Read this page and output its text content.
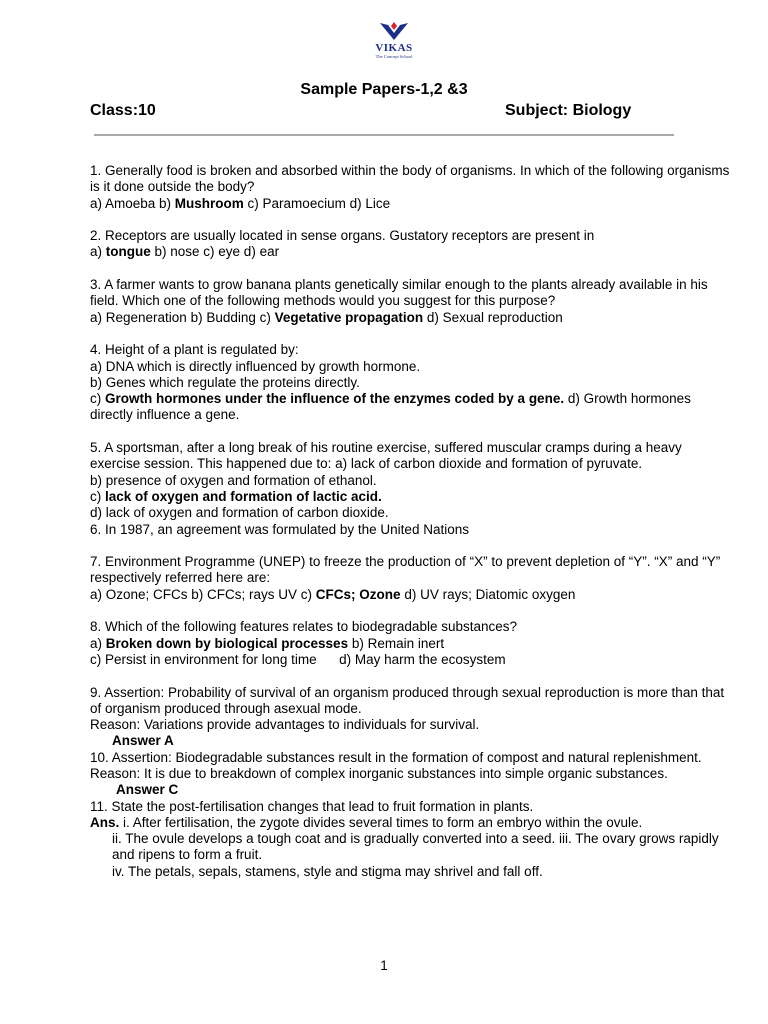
VIKAS
The Concept School
Sample Papers-1,2 &3
Class:10	Subject: Biology

1. Generally food is broken and absorbed within the body of organisms. In which of the following organisms is it done outside the body?

a) Amoeba b) Mushroom c) Paramoecium d) Lice

2. Receptors are usually located in sense organs. Gustatory receptors are present in

a) tongue b) nose c) eye d) ear

3. A farmer wants to grow banana plants genetically similar enough to the plants already available in his field. Which one of the following methods would you suggest for this purpose?

a) Regeneration b) Budding c) Vegetative propagation d) Sexual reproduction

4. Height of a plant is regulated by:

a) DNA which is directly influenced by growth hormone.

b) Genes which regulate the proteins directly.

c) Growth hormones under the influence of the enzymes coded by a gene. d) Growth hormones directly influence a gene.

5. A sportsman, after a long break of his routine exercise, suffered muscular cramps during a heavy exercise session. This happened due to: a) lack of carbon dioxide and formation of pyruvate.

b) presence of oxygen and formation of ethanol.

c) lack of oxygen and formation of lactic acid.

d) lack of oxygen and formation of carbon dioxide.

6. In 1987, an agreement was formulated by the United Nations

7. Environment Programme (UNEP) to freeze the production of “X” to prevent depletion of “Y”. “X” and “Y” respectively referred here are:

a) Ozone; CFCs b) CFCs; rays UV c) CFCs; Ozone d) UV rays; Diatomic oxygen

8. Which of the following features relates to biodegradable substances?

a) Broken down by biological processes b) Remain inert

c) Persist in environment for long time      d) May harm the ecosystem

9. Assertion: Probability of survival of an organism produced through sexual reproduction is more than that of organism produced through asexual mode.

Reason: Variations provide advantages to individuals for survival.

Answer A

10. Assertion: Biodegradable substances result in the formation of compost and natural replenishment.

Reason: It is due to breakdown of complex inorganic substances into simple organic substances.

Answer C

11. State the post-fertilisation changes that lead to fruit formation in plants.

Ans. i. After fertilisation, the zygote divides several times to form an embryo within the ovule.

ii. The ovule develops a tough coat and is gradually converted into a seed. iii. The ovary grows rapidly and ripens to form a fruit.

iv. The petals, sepals, stamens, style and stigma may shrivel and fall off.

1
